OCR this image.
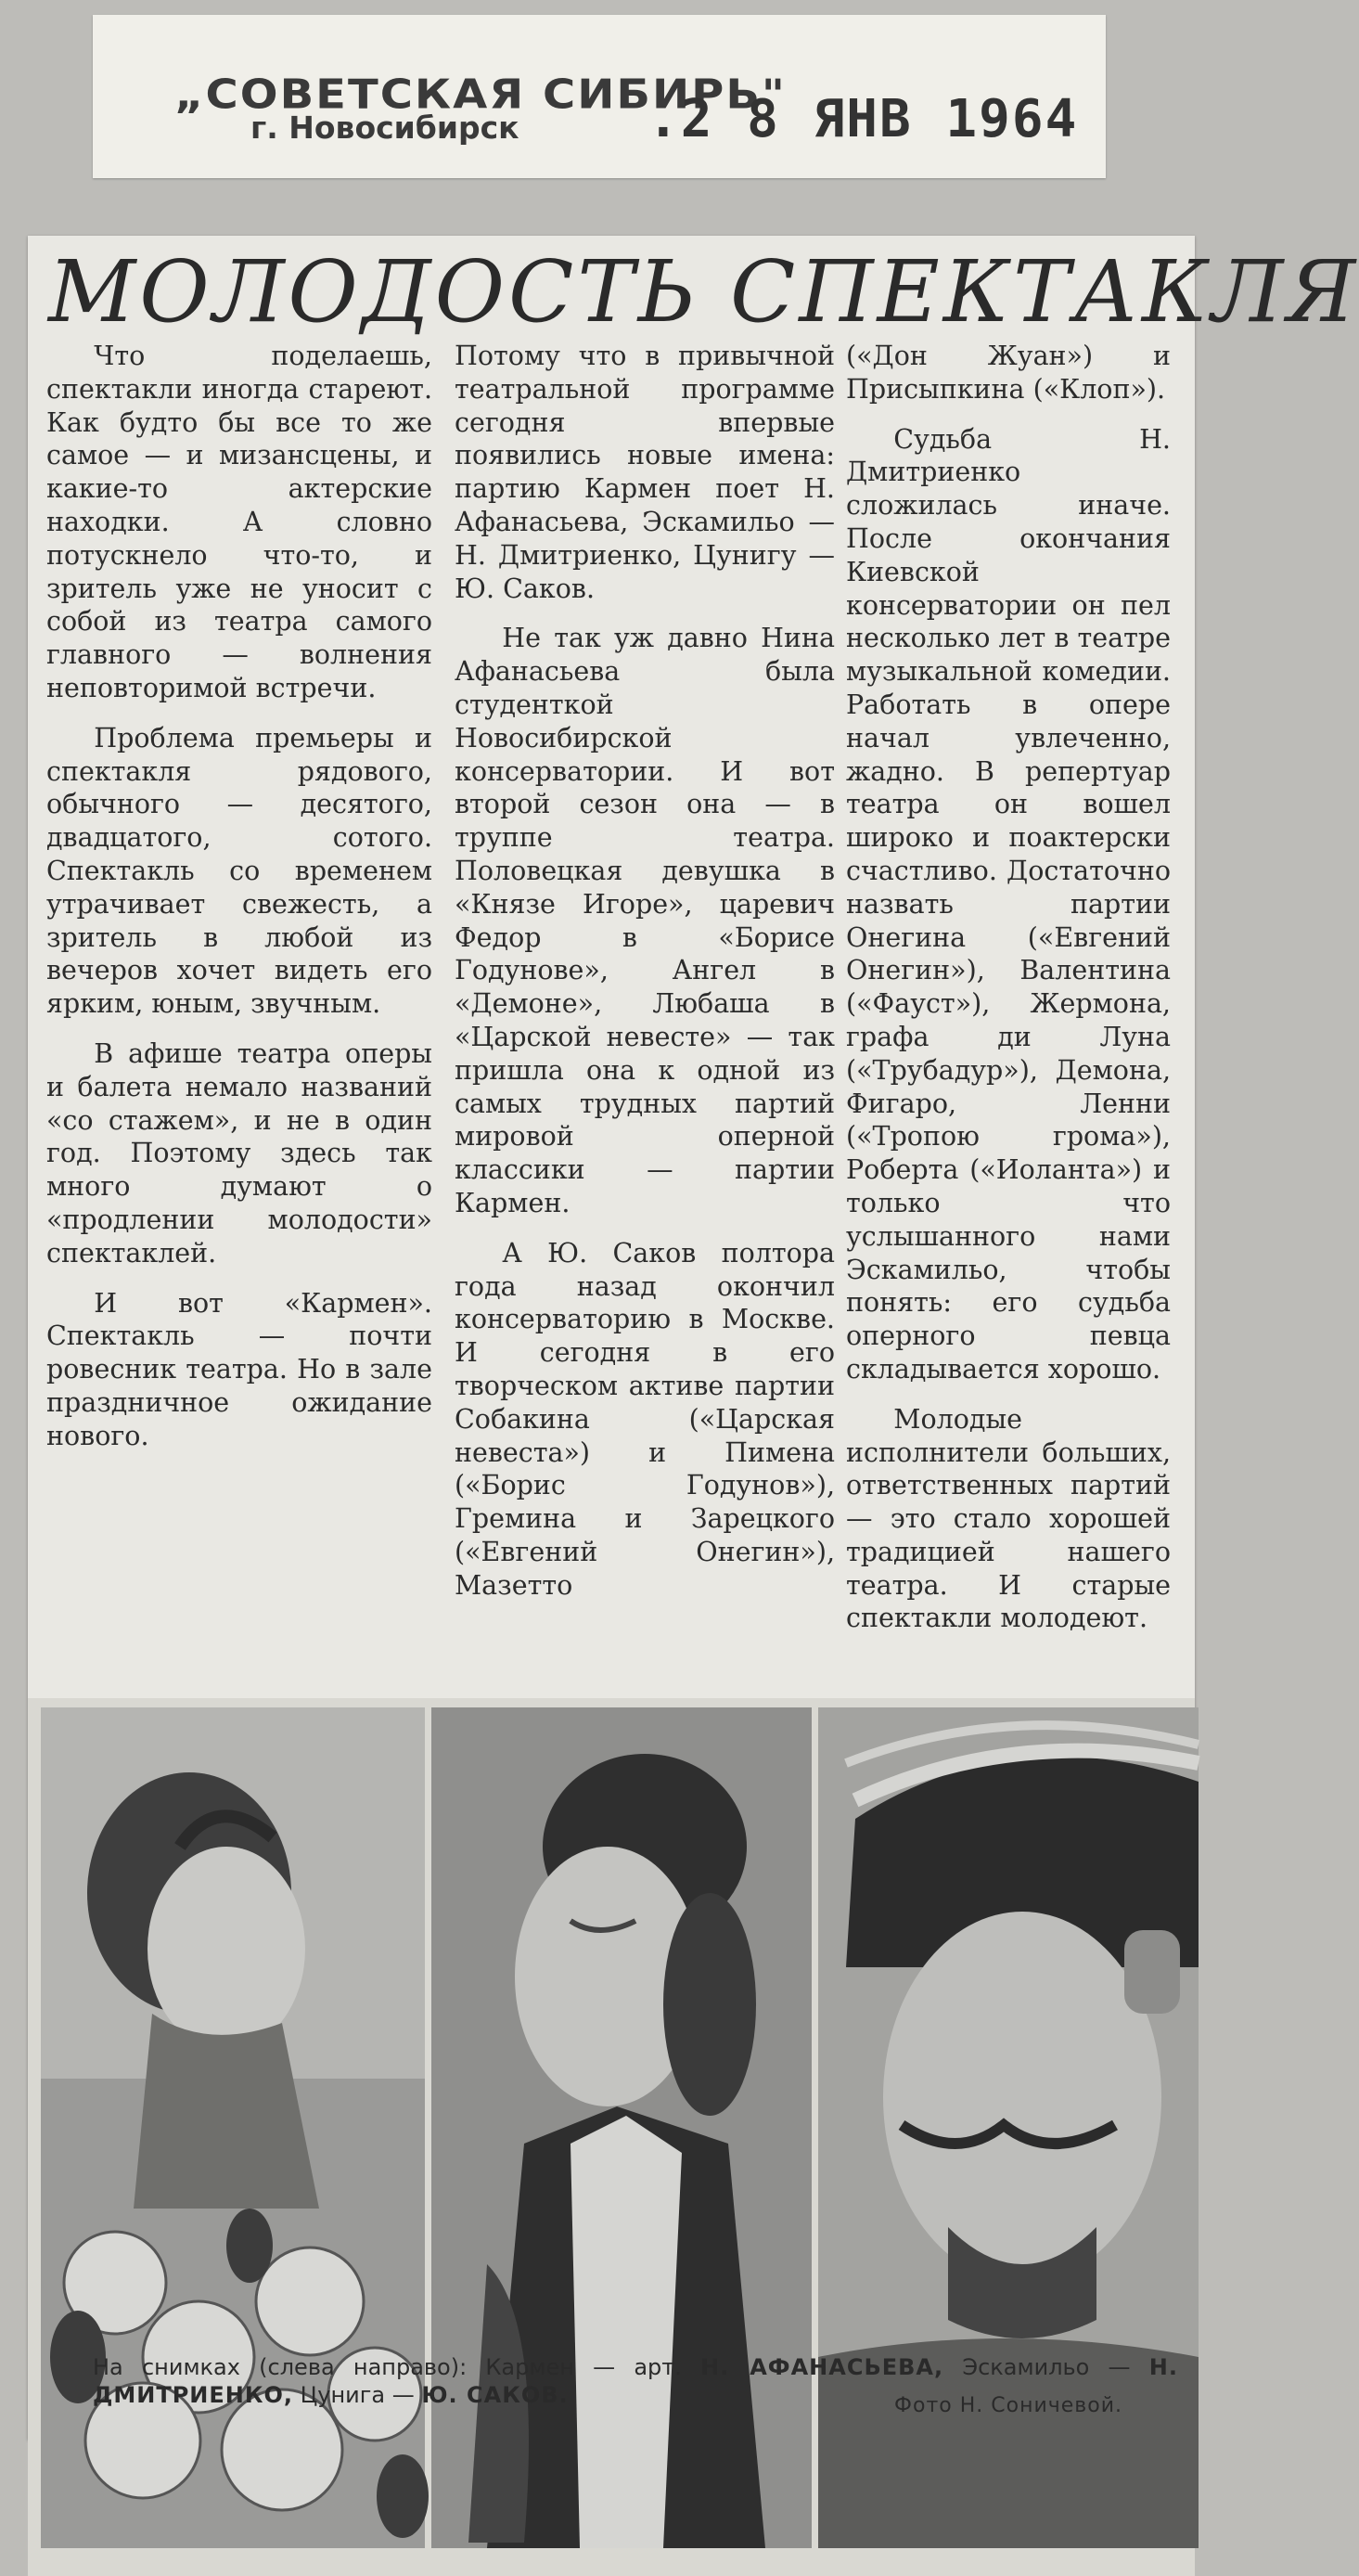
„СОВЕТСКАЯ СИБИРЬ"
г. Новосибирск .2 8 ЯНВ 1964
МОЛОДОСТЬ СПЕКТАКЛЯ

Что поделаешь, спектакли иногда стареют. Как будто бы все то же самое — и мизансцены, и какие-то актерские находки. А словно потускнело что-то, и зритель уже не уносит с собой из театра самого главного — волнения неповторимой встречи.

Проблема премьеры и спектакля рядового, обычного — десятого, двадцатого, сотого. Спектакль со временем утрачивает свежесть, а зритель в любой из вечеров хочет видеть его ярким, юным, звучным.

В афише театра оперы и балета немало названий «со стажем», и не в один год. Поэтому здесь так много думают о «продлении молодости» спектаклей.

И вот «Кармен». Спектакль — почти ровесник театра. Но в зале праздничное ожидание нового.

Потому что в привычной театральной программе сегодня впервые появились новые имена: партию Кармен поет Н. Афанасьева, Эскамильо — Н. Дмитриенко, Цунигу — Ю. Саков.

Не так уж давно Нина Афанасьева была студенткой Новосибирской консерватории. И вот второй сезон она — в труппе театра. Половецкая девушка в «Князе Игоре», царевич Федор в «Борисе Годунове», Ангел в «Демоне», Любаша в «Царской невесте» — так пришла она к одной из самых трудных партий мировой оперной классики — партии Кармен.

А Ю. Саков полтора года назад окончил консерваторию в Москве. И сегодня в его творческом активе партии Собакина («Царская невеста») и Пимена («Борис Годунов»), Гремина и Зарецкого («Евгений Онегин»), Мазетто

(«Дон Жуан») и Присыпкина («Клоп»).

Судьба Н. Дмитриенко сложилась иначе. После окончания Киевской консерватории он пел несколько лет в театре музыкальной комедии. Работать в опере начал увлеченно, жадно. В репертуар театра он вошел широко и поактерски счастливо. Достаточно назвать партии Онегина («Евгений Онегин»), Валентина («Фауст»), Жермона, графа ди Луна («Трубадур»), Демона, Фигаро, Ленни («Тропою грома»), Роберта («Иоланта») и только что услышанного нами Эскамильо, чтобы понять: его судьба оперного певца складывается хорошо.

Молодые исполнители больших, ответственных партий — это стало хорошей традицией нашего театра. И старые спектакли молодеют.

На снимках (слева направо): Кармен — арт. Н. АФАНАСЬЕВА, Эскамильо — Н. ДМИТРИЕНКО, Цунига — Ю. САКОВ.	Фото Н. Соничевой.
